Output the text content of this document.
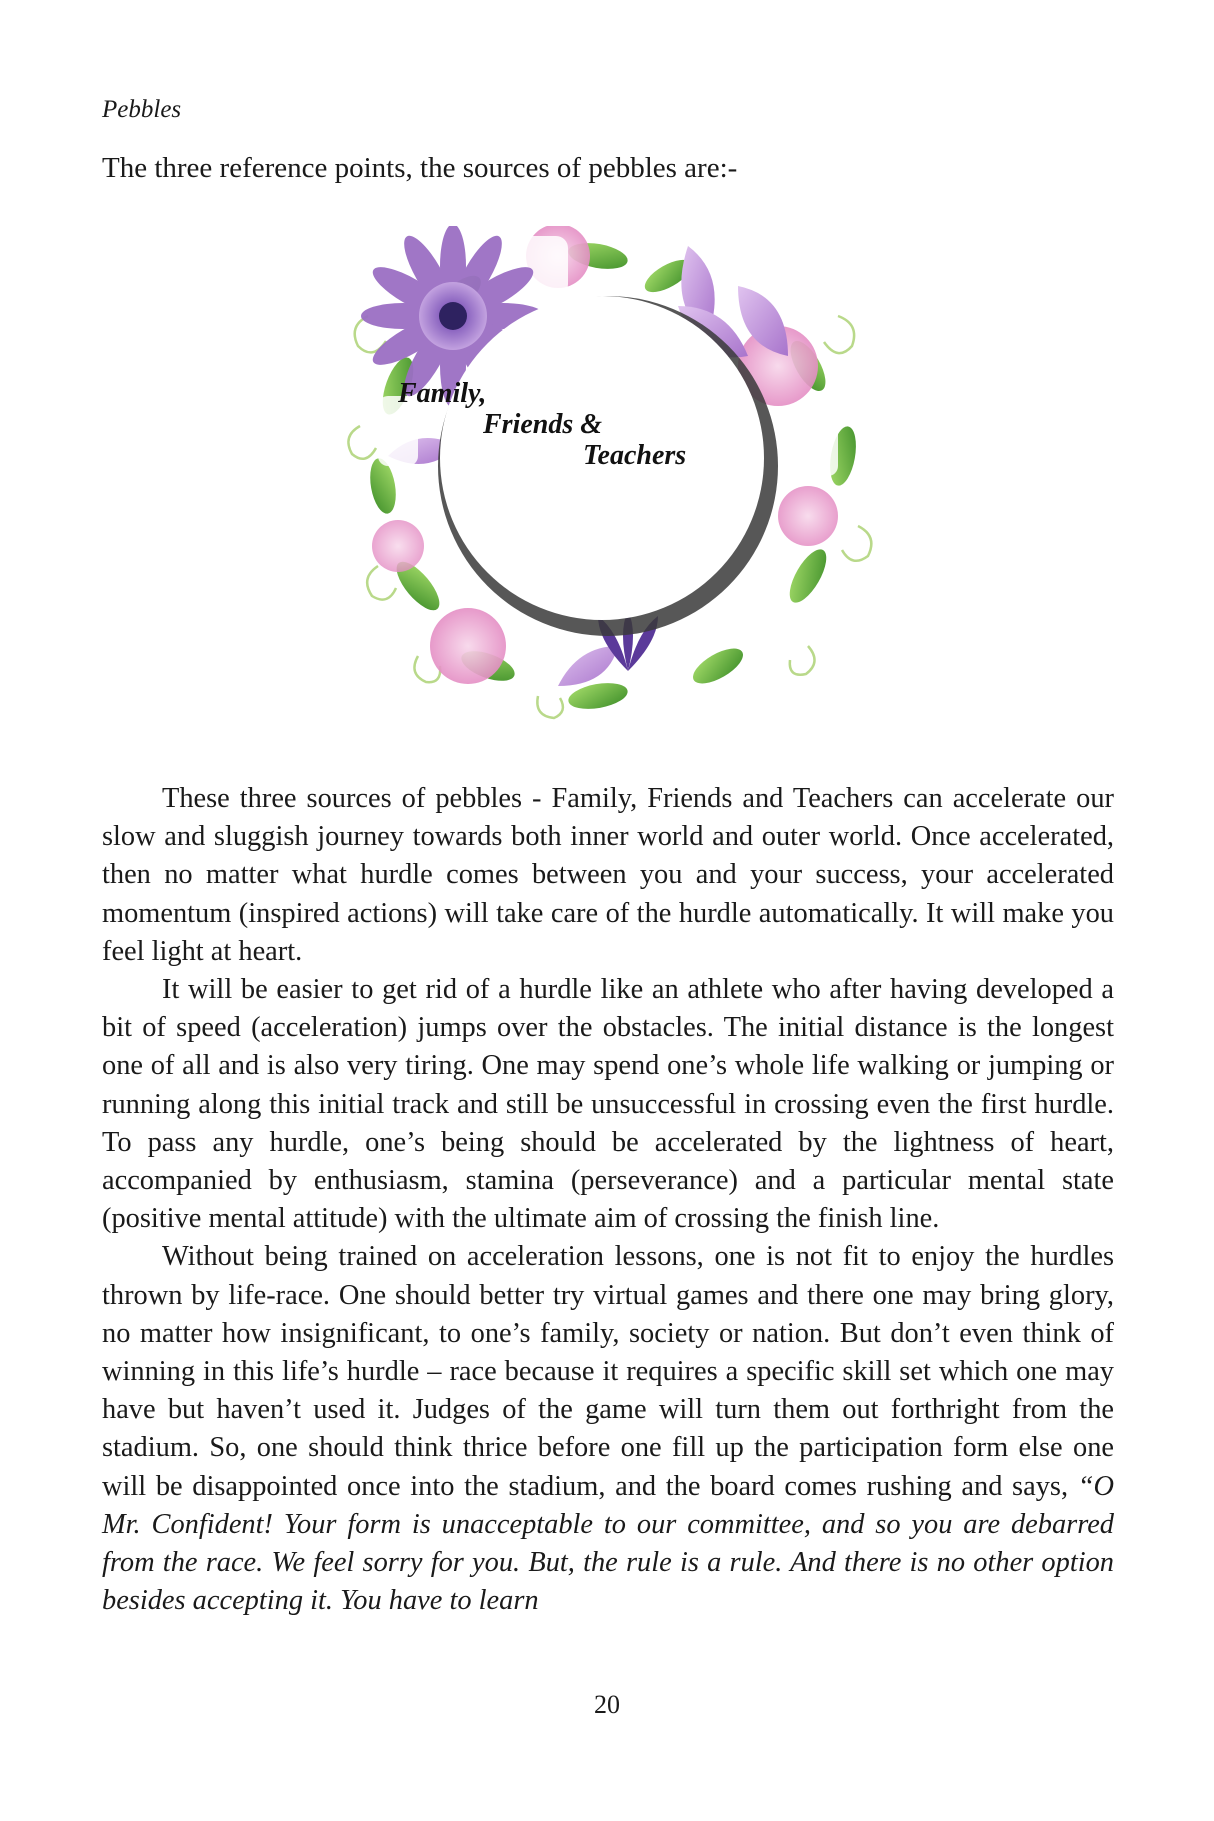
Pebbles

The three reference points, the sources of pebbles are:-

Family,
Friends &
Teachers

These three sources of pebbles - Family, Friends and Teachers can accelerate our slow and sluggish journey towards both inner world and outer world. Once accelerated, then no matter what hurdle comes between you and your success, your accelerated momentum (inspired actions) will take care of the hurdle automatically. It will make you feel light at heart.

It will be easier to get rid of a hurdle like an athlete who after having developed a bit of speed (acceleration) jumps over the obstacles. The initial distance is the longest one of all and is also very tiring. One may spend one’s whole life walking or jumping or running along this initial track and still be unsuccessful in crossing even the first hurdle. To pass any hurdle, one’s being should be accelerated by the lightness of heart, accompanied by enthusiasm, stamina (perseverance) and a particular mental state (positive mental attitude) with the ultimate aim of crossing the finish line.

Without being trained on acceleration lessons, one is not fit to enjoy the hurdles thrown by life-race. One should better try virtual games and there one may bring glory, no matter how insignificant, to one’s family, society or nation. But don’t even think of winning in this life’s hurdle – race because it requires a specific skill set which one may have but haven’t used it. Judges of the game will turn them out forthright from the stadium. So, one should think thrice before one fill up the participation form else one will be disappointed once into the stadium, and the board comes rushing and says, “O Mr. Confident! Your form is unacceptable to our committee, and so you are debarred from the race. We feel sorry for you. But, the rule is a rule. And there is no other option besides accepting it. You have to learn

20
